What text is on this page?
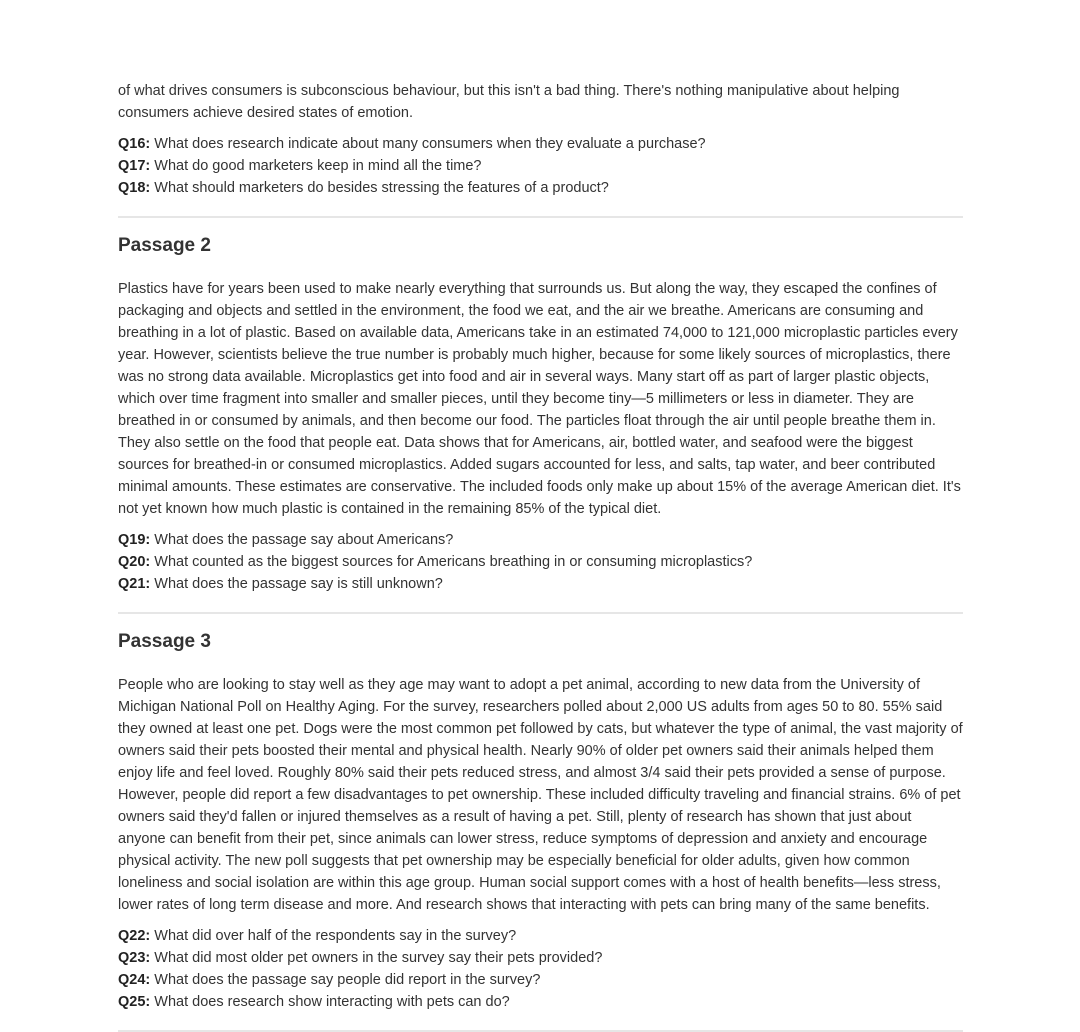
of what drives consumers is subconscious behaviour, but this isn't a bad thing. There's nothing manipulative about helping consumers achieve desired states of emotion.

Q16: What does research indicate about many consumers when they evaluate a purchase?

Q17: What do good marketers keep in mind all the time?

Q18: What should marketers do besides stressing the features of a product?

Passage 2

Plastics have for years been used to make nearly everything that surrounds us. But along the way, they escaped the confines of packaging and objects and settled in the environment, the food we eat, and the air we breathe. Americans are consuming and breathing in a lot of plastic. Based on available data, Americans take in an estimated 74,000 to 121,000 microplastic particles every year. However, scientists believe the true number is probably much higher, because for some likely sources of microplastics, there was no strong data available. Microplastics get into food and air in several ways. Many start off as part of larger plastic objects, which over time fragment into smaller and smaller pieces, until they become tiny—5 millimeters or less in diameter. They are breathed in or consumed by animals, and then become our food. The particles float through the air until people breathe them in. They also settle on the food that people eat. Data shows that for Americans, air, bottled water, and seafood were the biggest sources for breathed-in or consumed microplastics. Added sugars accounted for less, and salts, tap water, and beer contributed minimal amounts. These estimates are conservative. The included foods only make up about 15% of the average American diet. It's not yet known how much plastic is contained in the remaining 85% of the typical diet.

Q19: What does the passage say about Americans?

Q20: What counted as the biggest sources for Americans breathing in or consuming microplastics?

Q21: What does the passage say is still unknown?

Passage 3

People who are looking to stay well as they age may want to adopt a pet animal, according to new data from the University of Michigan National Poll on Healthy Aging. For the survey, researchers polled about 2,000 US adults from ages 50 to 80. 55% said they owned at least one pet. Dogs were the most common pet followed by cats, but whatever the type of animal, the vast majority of owners said their pets boosted their mental and physical health. Nearly 90% of older pet owners said their animals helped them enjoy life and feel loved. Roughly 80% said their pets reduced stress, and almost 3/4 said their pets provided a sense of purpose. However, people did report a few disadvantages to pet ownership. These included difficulty traveling and financial strains. 6% of pet owners said they'd fallen or injured themselves as a result of having a pet. Still, plenty of research has shown that just about anyone can benefit from their pet, since animals can lower stress, reduce symptoms of depression and anxiety and encourage physical activity. The new poll suggests that pet ownership may be especially beneficial for older adults, given how common loneliness and social isolation are within this age group. Human social support comes with a host of health benefits—less stress, lower rates of long term disease and more. And research shows that interacting with pets can bring many of the same benefits.

Q22: What did over half of the respondents say in the survey?

Q23: What did most older pet owners in the survey say their pets provided?

Q24: What does the passage say people did report in the survey?

Q25: What does research show interacting with pets can do?
